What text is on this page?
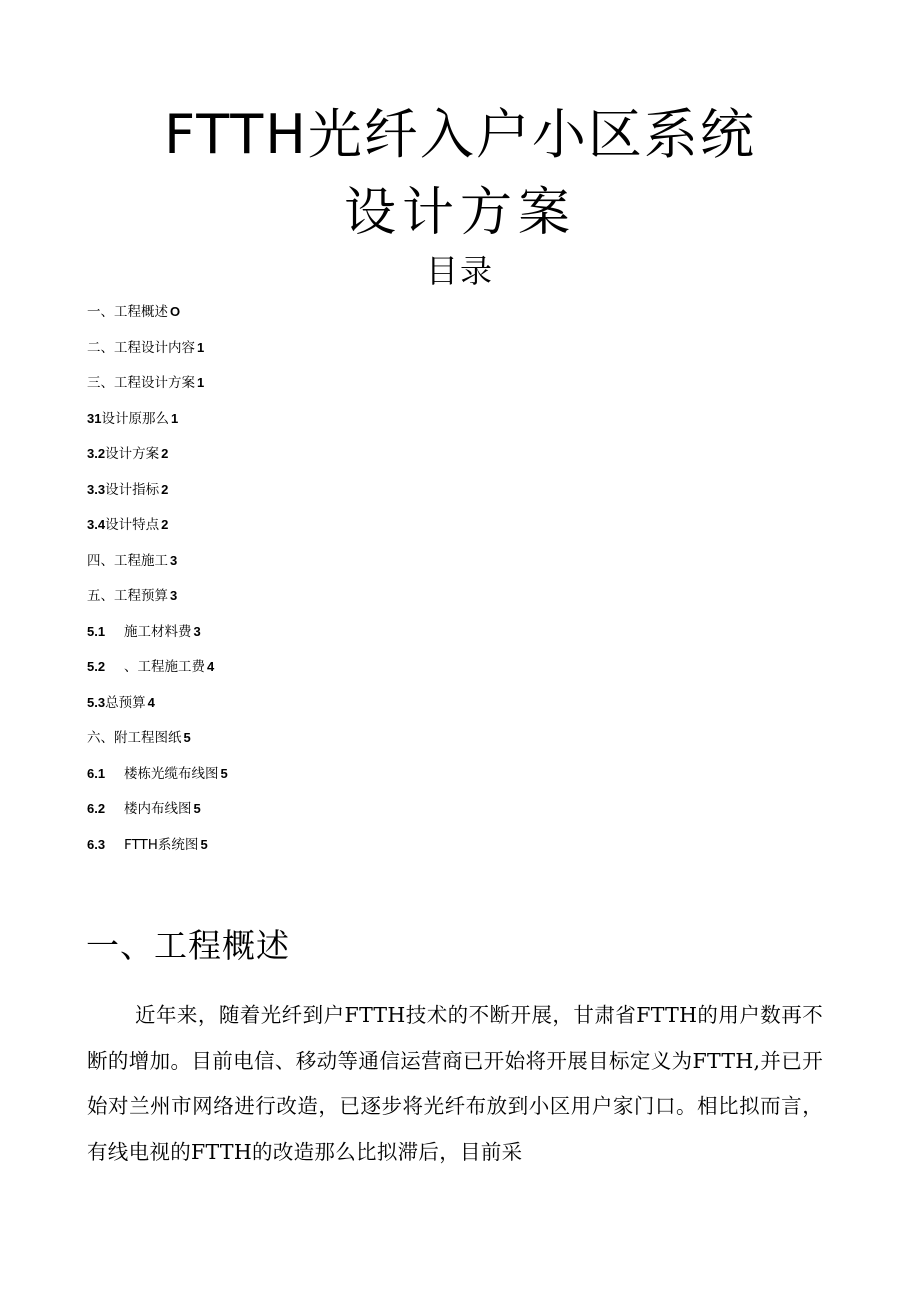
FTTH光纤入户小区系统
设计方案
目录
一、工程概述 O
二、工程设计内容 1
三、工程设计方案 1
31设计原那么 1
3.2设计方案 2
3.3设计指标 2
3.4设计特点 2
四、工程施工 3
五、工程预算 3
5.1 施工材料费 3
5.2 、工程施工费 4
5.3总预算 4
六、附工程图纸 5
6.1 楼栋光缆布线图 5
6.2 楼内布线图 5
6.3 FTTH系统图 5
一、工程概述
近年来，随着光纤到户FTTH技术的不断开展，甘肃省FTTH的用户数再不断的增加。目前电信、移动等通信运营商已开始将开展目标定义为FTTH,并已开始对兰州市网络进行改造，已逐步将光纤布放到小区用户家门口。相比拟而言，有线电视的FTTH的改造那么比拟滞后，目前采
